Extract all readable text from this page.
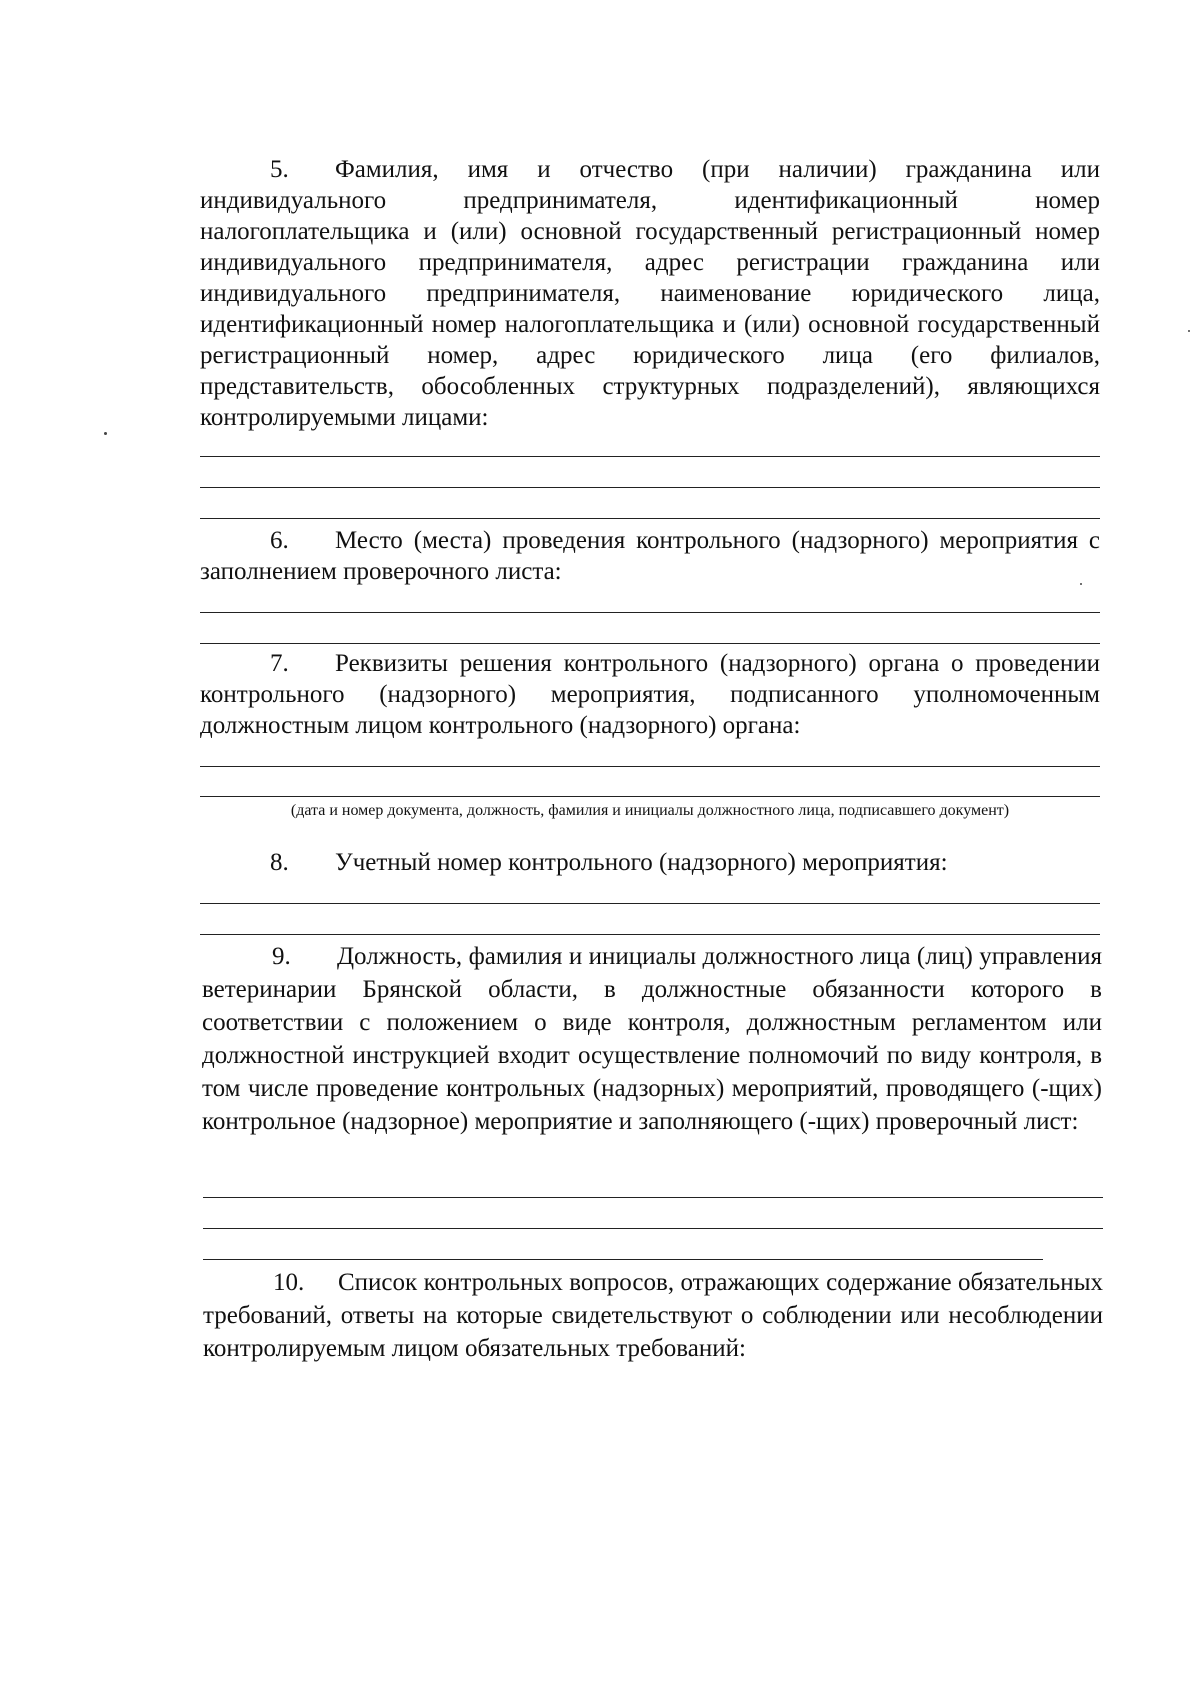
5. Фамилия, имя и отчество (при наличии) гражданина или индивидуального предпринимателя, идентификационный номер налогоплательщика и (или) основной государственный регистрационный номер индивидуального предпринимателя, адрес регистрации гражданина или индивидуального предпринимателя, наименование юридического лица, идентификационный номер налогоплательщика и (или) основной государственный регистрационный номер, адрес юридического лица (его филиалов, представительств, обособленных структурных подразделений), являющихся контролируемыми лицами:

6. Место (места) проведения контрольного (надзорного) мероприятия с заполнением проверочного листа:

7. Реквизиты решения контрольного (надзорного) органа о проведении контрольного (надзорного) мероприятия, подписанного уполномоченным должностным лицом контрольного (надзорного) органа:

(дата и номер документа, должность, фамилия и инициалы должностного лица, подписавшего документ)

8. Учетный номер контрольного (надзорного) мероприятия:

9. Должность, фамилия и инициалы должностного лица (лиц) управления ветеринарии Брянской области, в должностные обязанности которого в соответствии с положением о виде контроля, должностным регламентом или должностной инструкцией входит осуществление полномочий по виду контроля, в том числе проведение контрольных (надзорных) мероприятий, проводящего (-щих) контрольное (надзорное) мероприятие и заполняющего (-щих) проверочный лист:

10. Список контрольных вопросов, отражающих содержание обязательных требований, ответы на которые свидетельствуют о соблюдении или несоблюдении контролируемым лицом обязательных требований:
